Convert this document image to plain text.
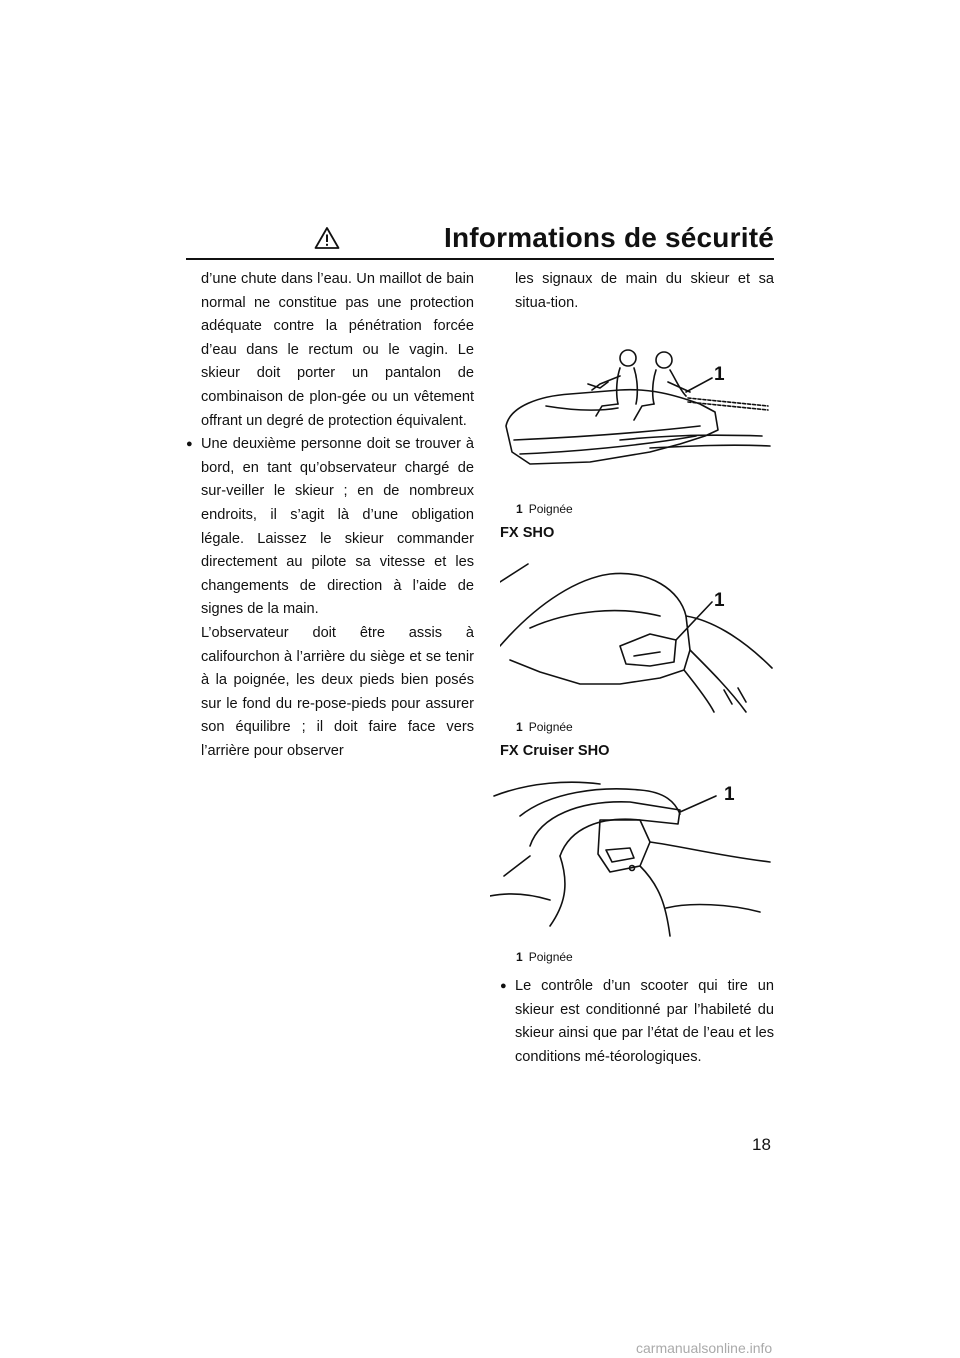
Informations de sécurité

d’une chute dans l’eau. Un maillot de bain normal ne constitue pas une protection adéquate contre la pénétration forcée d’eau dans le rectum ou le vagin. Le skieur doit porter un pantalon de combinaison de plon-gée ou un vêtement offrant un degré de protection équivalent.

● Une deuxième personne doit se trouver à bord, en tant qu’observateur chargé de sur-veiller le skieur ; en de nombreux endroits, il s’agit là d’une obligation légale. Laissez le skieur commander directement au pilote sa vitesse et les changements de direction à l’aide de signes de la main.

L’observateur doit être assis à califourchon à l’arrière du siège et se tenir à la poignée, les deux pieds bien posés sur le fond du re-pose-pieds pour assurer son équilibre ; il doit faire face vers l’arrière pour observer

les signaux de main du skieur et sa situa-tion.

1
1 Poignée
FX SHO
1
1 Poignée
FX Cruiser SHO
1
1 Poignée
● Le contrôle d’un scooter qui tire un skieur est conditionné par l’habileté du skieur ainsi que par l’état de l’eau et les conditions mé-téorologiques.

18
carmanualsonline.info
